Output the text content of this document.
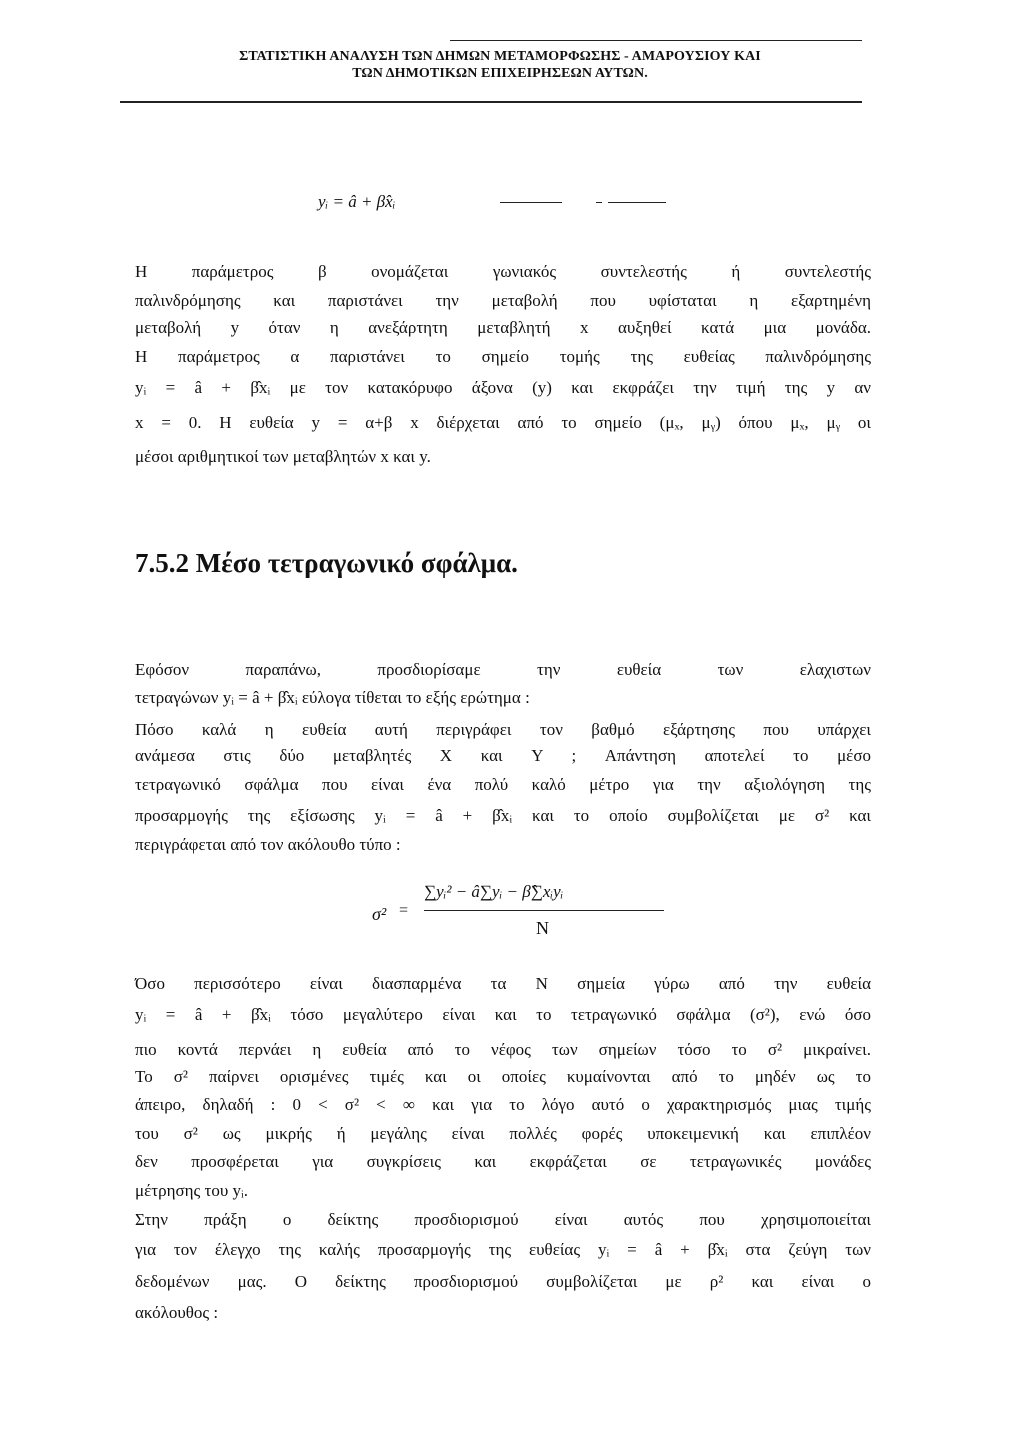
ΣΤΑΤΙΣΤΙΚΗ ΑΝΑΛΥΣΗ ΤΩΝ ΔΗΜΩΝ ΜΕΤΑΜΟΡΦΩΣΗΣ - ΑΜΑΡΟΥΣΙΟΥ ΚΑΙ
ΤΩΝ ΔΗΜΟΤΙΚΩΝ ΕΠΙΧΕΙΡΗΣΕΩΝ ΑΥΤΩΝ.
yᵢ = â + β̂xᵢ
Η παράμετρος β ονομάζεται γωνιακός συντελεστής ή συντελεστής
παλινδρόμησης και παριστάνει την μεταβολή που υφίσταται η εξαρτημένη
μεταβολή y όταν η ανεξάρτητη μεταβλητή x αυξηθεί κατά μια μονάδα.
Η παράμετρος α παριστάνει το σημείο τομής της ευθείας παλινδρόμησης
yᵢ = â + β̂xᵢ με τον κατακόρυφο άξονα (y) και εκφράζει την τιμή της y αν
x = 0. Η ευθεία y = α+β x διέρχεται από το σημείο (μₓ, μᵧ) όπου μₓ, μᵧ οι
μέσοι αριθμητικοί των μεταβλητών x και y.
7.5.2 Μέσο τετραγωνικό σφάλμα.
Εφόσον παραπάνω, προσδιορίσαμε την ευθεία των ελαχιστων
τετραγώνων yᵢ = â + β̂xᵢ εύλογα τίθεται το εξής ερώτημα :
Πόσο καλά η ευθεία αυτή περιγράφει τον βαθμό εξάρτησης που υπάρχει
ανάμεσα στις δύο μεταβλητές X και Y ; Απάντηση αποτελεί το μέσο
τετραγωνικό σφάλμα που είναι ένα πολύ καλό μέτρο για την αξιολόγηση της
προσαρμογής της εξίσωσης yᵢ = â + β̂xᵢ και το οποίο συμβολίζεται με σ² και
περιγράφεται από τον ακόλουθο τύπο :
σ² =
∑yᵢ² − â∑yᵢ − β̂∑xᵢyᵢ
N
Όσο περισσότερο είναι διασπαρμένα τα N σημεία γύρω από την ευθεία
yᵢ = â + β̂xᵢ τόσο μεγαλύτερο είναι και το τετραγωνικό σφάλμα (σ²), ενώ όσο
πιο κοντά περνάει η ευθεία από το νέφος των σημείων τόσο το σ² μικραίνει.
Το σ² παίρνει ορισμένες τιμές και οι οποίες κυμαίνονται από το μηδέν ως το
άπειρο, δηλαδή : 0 < σ² < ∞ και για το λόγο αυτό ο χαρακτηρισμός μιας τιμής
του σ² ως μικρής ή μεγάλης είναι πολλές φορές υποκειμενική και επιπλέον
δεν προσφέρεται για συγκρίσεις και εκφράζεται σε τετραγωνικές μονάδες
μέτρησης του yᵢ.
Στην πράξη ο δείκτης προσδιορισμού είναι αυτός που χρησιμοποιείται
για τον έλεγχο της καλής προσαρμογής της ευθείας yᵢ = â + β̂xᵢ στα ζεύγη των
δεδομένων μας. Ο δείκτης προσδιορισμού συμβολίζεται με ρ² και είναι ο
ακόλουθος :
